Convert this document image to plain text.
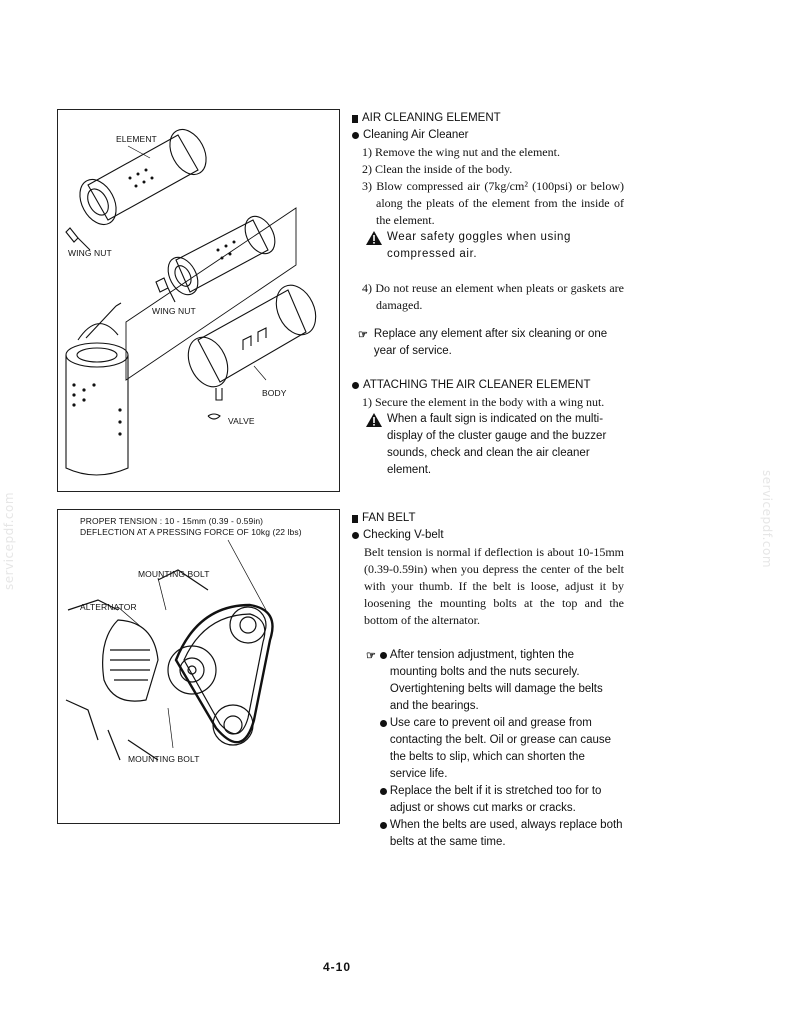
servicepdf.com	servicepdf.com
ELEMENT
WING NUT
WING NUT
BODY
VALVE
PROPER TENSION : 10 - 15mm (0.39 - 0.59in)
DEFLECTION AT A PRESSING FORCE OF 10kg (22 lbs)
MOUNTING BOLT
ALTERNATOR
MOUNTING BOLT
AIR CLEANING ELEMENT
Cleaning Air Cleaner
1) Remove the wing nut and the element.
2) Clean the inside of the body.
3) Blow compressed air (7kg/cm² (100psi) or below) along the pleats of the element from the inside of the element.
Wear safety goggles when using compressed air.
4) Do not reuse an element when pleats or gaskets are damaged.
☞ Replace any element after six cleaning or one year of service.
ATTACHING THE AIR CLEANER ELEMENT
1) Secure the element in the body with a wing nut.
When a fault sign is indicated on the multi-display of the cluster gauge and the buzzer sounds, check and clean the air cleaner element.
FAN BELT
Checking V-belt
Belt tension is normal if deflection is about 10-15mm (0.39-0.59in) when you depress the center of the belt with your thumb. If the belt is loose, adjust it by loosening the mounting bolts at the top and the bottom of the alternator.
☞ After tension adjustment, tighten the mounting bolts and the nuts securely. Overtightening belts will damage the belts and the bearings.
Use care to prevent oil and grease from contacting the belt. Oil or grease can cause the belts to slip, which can shorten the service life.
Replace the belt if it is stretched too for to adjust or shows cut marks or cracks.
When the belts are used, always replace both belts at the same time.
4-10
